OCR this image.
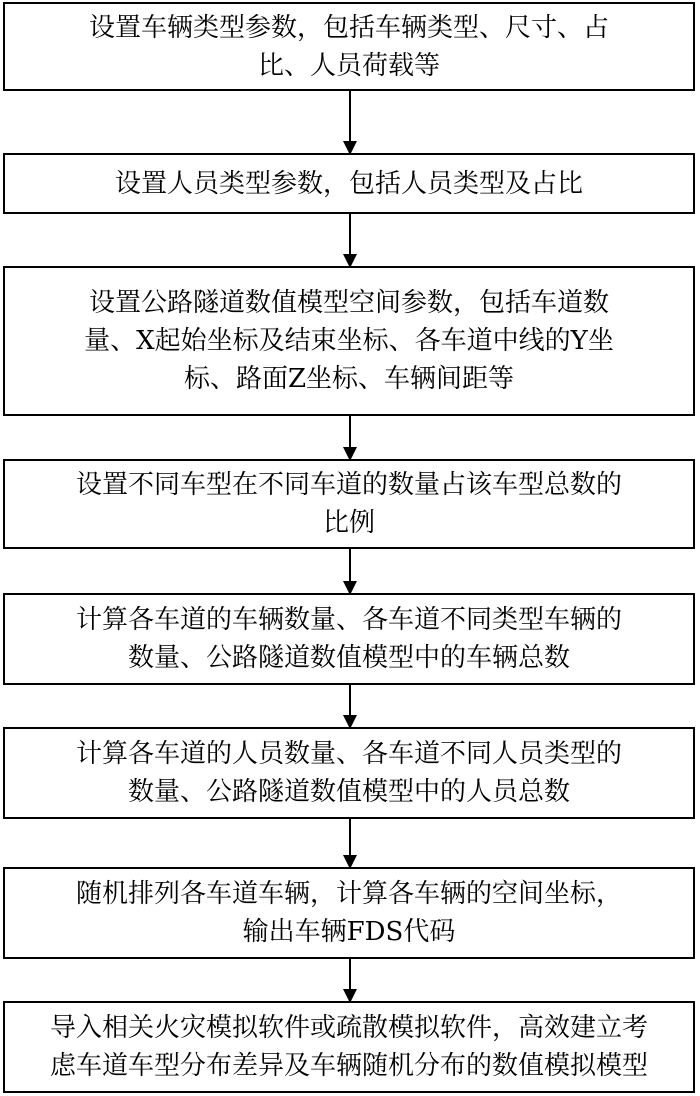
设置车辆类型参数，包括车辆类型、尺寸、占
比、人员荷载等
设置人员类型参数，包括人员类型及占比
设置公路隧道数值模型空间参数，包括车道数
量、X起始坐标及结束坐标、各车道中线的Y坐
标、路面Z坐标、车辆间距等
设置不同车型在不同车道的数量占该车型总数的
比例
计算各车道的车辆数量、各车道不同类型车辆的
数量、公路隧道数值模型中的车辆总数
计算各车道的人员数量、各车道不同人员类型的
数量、公路隧道数值模型中的人员总数
随机排列各车道车辆，计算各车辆的空间坐标，
输出车辆FDS代码
导入相关火灾模拟软件或疏散模拟软件，高效建立考
虑车道车型分布差异及车辆随机分布的数值模拟模型
